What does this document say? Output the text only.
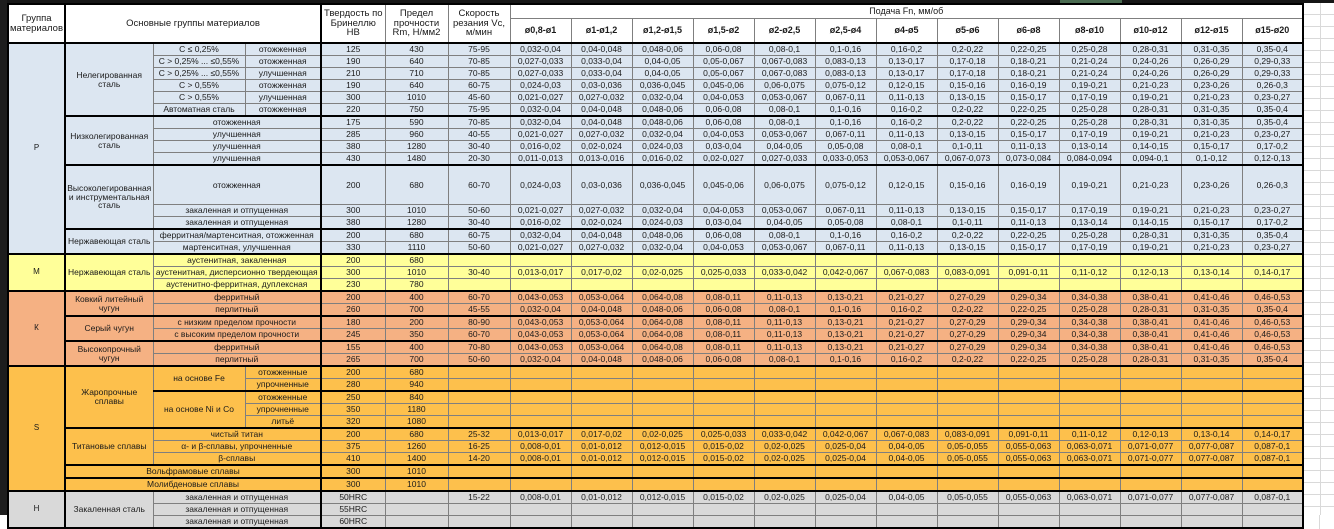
Группа материалов	Основные группы материалов			Твердость по Бринеллю НВ	Предел прочности Rm, Н/мм2	Скорость резания Vc, м/мин	Подача Fn, мм/об												
							ø0,8-ø1	ø1-ø1,2	ø1,2-ø1,5	ø1,5-ø2	ø2-ø2,5	ø2,5-ø4	ø4-ø5	ø5-ø6	ø6-ø8	ø8-ø10	ø10-ø12	ø12-ø15	ø15-ø20
Р	Нелегированная сталь	C ≤ 0,25%	отожженная	125	430	75-95	0,032-0,04	0,04-0,048	0,048-0,06	0,06-0,08	0,08-0,1	0,1-0,16	0,16-0,2	0,2-0,22	0,22-0,25	0,25-0,28	0,28-0,31	0,31-0,35	0,35-0,4
		C > 0,25% ... ≤0,55%	отожженная	190	640	70-85	0,027-0,033	0,033-0,04	0,04-0,05	0,05-0,067	0,067-0,083	0,083-0,13	0,13-0,17	0,17-0,18	0,18-0,21	0,21-0,24	0,24-0,26	0,26-0,29	0,29-0,33
		C > 0,25% ... ≤0,55%	улучшенная	210	710	70-85	0,027-0,033	0,033-0,04	0,04-0,05	0,05-0,067	0,067-0,083	0,083-0,13	0,13-0,17	0,17-0,18	0,18-0,21	0,21-0,24	0,24-0,26	0,26-0,29	0,29-0,33
		C > 0,55%	отожженная	190	640	60-75	0,024-0,03	0,03-0,036	0,036-0,045	0,045-0,06	0,06-0,075	0,075-0,12	0,12-0,15	0,15-0,16	0,16-0,19	0,19-0,21	0,21-0,23	0,23-0,26	0,26-0,3
		C > 0,55%	улучшенная	300	1010	45-60	0,021-0,027	0,027-0,032	0,032-0,04	0,04-0,053	0,053-0,067	0,067-0,11	0,11-0,13	0,13-0,15	0,15-0,17	0,17-0,19	0,19-0,21	0,21-0,23	0,23-0,27
		Автоматная сталь	отожженная	220	750	75-95	0,032-0,04	0,04-0,048	0,048-0,06	0,06-0,08	0,08-0,1	0,1-0,16	0,16-0,2	0,2-0,22	0,22-0,25	0,25-0,28	0,28-0,31	0,31-0,35	0,35-0,4
	Низколегированная сталь	отожженная		175	590	70-85	0,032-0,04	0,04-0,048	0,048-0,06	0,06-0,08	0,08-0,1	0,1-0,16	0,16-0,2	0,2-0,22	0,22-0,25	0,25-0,28	0,28-0,31	0,31-0,35	0,35-0,4
		улучшенная		285	960	40-55	0,021-0,027	0,027-0,032	0,032-0,04	0,04-0,053	0,053-0,067	0,067-0,11	0,11-0,13	0,13-0,15	0,15-0,17	0,17-0,19	0,19-0,21	0,21-0,23	0,23-0,27
		улучшенная		380	1280	30-40	0,016-0,02	0,02-0,024	0,024-0,03	0,03-0,04	0,04-0,05	0,05-0,08	0,08-0,1	0,1-0,11	0,11-0,13	0,13-0,14	0,14-0,15	0,15-0,17	0,17-0,2
		улучшенная		430	1480	20-30	0,011-0,013	0,013-0,016	0,016-0,02	0,02-0,027	0,027-0,033	0,033-0,053	0,053-0,067	0,067-0,073	0,073-0,084	0,084-0,094	0,094-0,1	0,1-0,12	0,12-0,13
	Высоколегированная и инструментальная сталь	отожженная		200	680	60-70	0,024-0,03	0,03-0,036	0,036-0,045	0,045-0,06	0,06-0,075	0,075-0,12	0,12-0,15	0,15-0,16	0,16-0,19	0,19-0,21	0,21-0,23	0,23-0,26	0,26-0,3
		закаленная и отпущенная		300	1010	50-60	0,021-0,027	0,027-0,032	0,032-0,04	0,04-0,053	0,053-0,067	0,067-0,11	0,11-0,13	0,13-0,15	0,15-0,17	0,17-0,19	0,19-0,21	0,21-0,23	0,23-0,27
		закаленная и отпущенная		380	1280	30-40	0,016-0,02	0,02-0,024	0,024-0,03	0,03-0,04	0,04-0,05	0,05-0,08	0,08-0,1	0,1-0,11	0,11-0,13	0,13-0,14	0,14-0,15	0,15-0,17	0,17-0,2
	Нержавеющая сталь	ферритная/мартенситная, отожженная		200	680	60-75	0,032-0,04	0,04-0,048	0,048-0,06	0,06-0,08	0,08-0,1	0,1-0,16	0,16-0,2	0,2-0,22	0,22-0,25	0,25-0,28	0,28-0,31	0,31-0,35	0,35-0,4
		мартенситная, улучшенная		330	1110	50-60	0,021-0,027	0,027-0,032	0,032-0,04	0,04-0,053	0,053-0,067	0,067-0,11	0,11-0,13	0,13-0,15	0,15-0,17	0,17-0,19	0,19-0,21	0,21-0,23	0,23-0,27
М	Нержавеющая сталь	аустенитная, закаленная		200	680														
		аустенитная, дисперсионно твердеющая		300	1010	30-40	0,013-0,017	0,017-0,02	0,02-0,025	0,025-0,033	0,033-0,042	0,042-0,067	0,067-0,083	0,083-0,091	0,091-0,11	0,11-0,12	0,12-0,13	0,13-0,14	0,14-0,17
		аустенитно-ферритная, дуплексная		230	780														
К	Ковкий литейный чугун	ферритный		200	400	60-70	0,043-0,053	0,053-0,064	0,064-0,08	0,08-0,11	0,11-0,13	0,13-0,21	0,21-0,27	0,27-0,29	0,29-0,34	0,34-0,38	0,38-0,41	0,41-0,46	0,46-0,53
		перлитный		260	700	45-55	0,032-0,04	0,04-0,048	0,048-0,06	0,06-0,08	0,08-0,1	0,1-0,16	0,16-0,2	0,2-0,22	0,22-0,25	0,25-0,28	0,28-0,31	0,31-0,35	0,35-0,4
	Серый чугун	с низким пределом прочности		180	200	80-90	0,043-0,053	0,053-0,064	0,064-0,08	0,08-0,11	0,11-0,13	0,13-0,21	0,21-0,27	0,27-0,29	0,29-0,34	0,34-0,38	0,38-0,41	0,41-0,46	0,46-0,53
		с высоким пределом прочности		245	350	60-70	0,043-0,053	0,053-0,064	0,064-0,08	0,08-0,11	0,11-0,13	0,13-0,21	0,21-0,27	0,27-0,29	0,29-0,34	0,34-0,38	0,38-0,41	0,41-0,46	0,46-0,53
	Высокопрочный чугун	ферритный		155	400	70-80	0,043-0,053	0,053-0,064	0,064-0,08	0,08-0,11	0,11-0,13	0,13-0,21	0,21-0,27	0,27-0,29	0,29-0,34	0,34-0,38	0,38-0,41	0,41-0,46	0,46-0,53
		перлитный		265	700	50-60	0,032-0,04	0,04-0,048	0,048-0,06	0,06-0,08	0,08-0,1	0,1-0,16	0,16-0,2	0,2-0,22	0,22-0,25	0,25-0,28	0,28-0,31	0,31-0,35	0,35-0,4
S	Жаропрочные сплавы	на основе Fe	отожженные	200	680														
			упрочненные	280	940														
		на основе Ni и Co	отожженные	250	840														
			упрочненные	350	1180														
			литьё	320	1080														
	Титановые сплавы	чистый титан		200	680	25-32	0,013-0,017	0,017-0,02	0,02-0,025	0,025-0,033	0,033-0,042	0,042-0,067	0,067-0,083	0,083-0,091	0,091-0,11	0,11-0,12	0,12-0,13	0,13-0,14	0,14-0,17
		α- и β-сплавы, упрочненные		375	1260	16-25	0,008-0,01	0,01-0,012	0,012-0,015	0,015-0,02	0,02-0,025	0,025-0,04	0,04-0,05	0,05-0,055	0,055-0,063	0,063-0,071	0,071-0,077	0,077-0,087	0,087-0,1
		β-сплавы		410	1400	14-20	0,008-0,01	0,01-0,012	0,012-0,015	0,015-0,02	0,02-0,025	0,025-0,04	0,04-0,05	0,05-0,055	0,055-0,063	0,063-0,071	0,071-0,077	0,077-0,087	0,087-0,1
	Вольфрамовые сплавы			300	1010														
	Молибденовые сплавы			300	1010														
Н	Закаленная сталь	закаленная и отпущенная		50HRC		15-22	0,008-0,01	0,01-0,012	0,012-0,015	0,015-0,02	0,02-0,025	0,025-0,04	0,04-0,05	0,05-0,055	0,055-0,063	0,063-0,071	0,071-0,077	0,077-0,087	0,087-0,1
		закаленная и отпущенная		55HRC															
		закаленная и отпущенная		60HRC															
